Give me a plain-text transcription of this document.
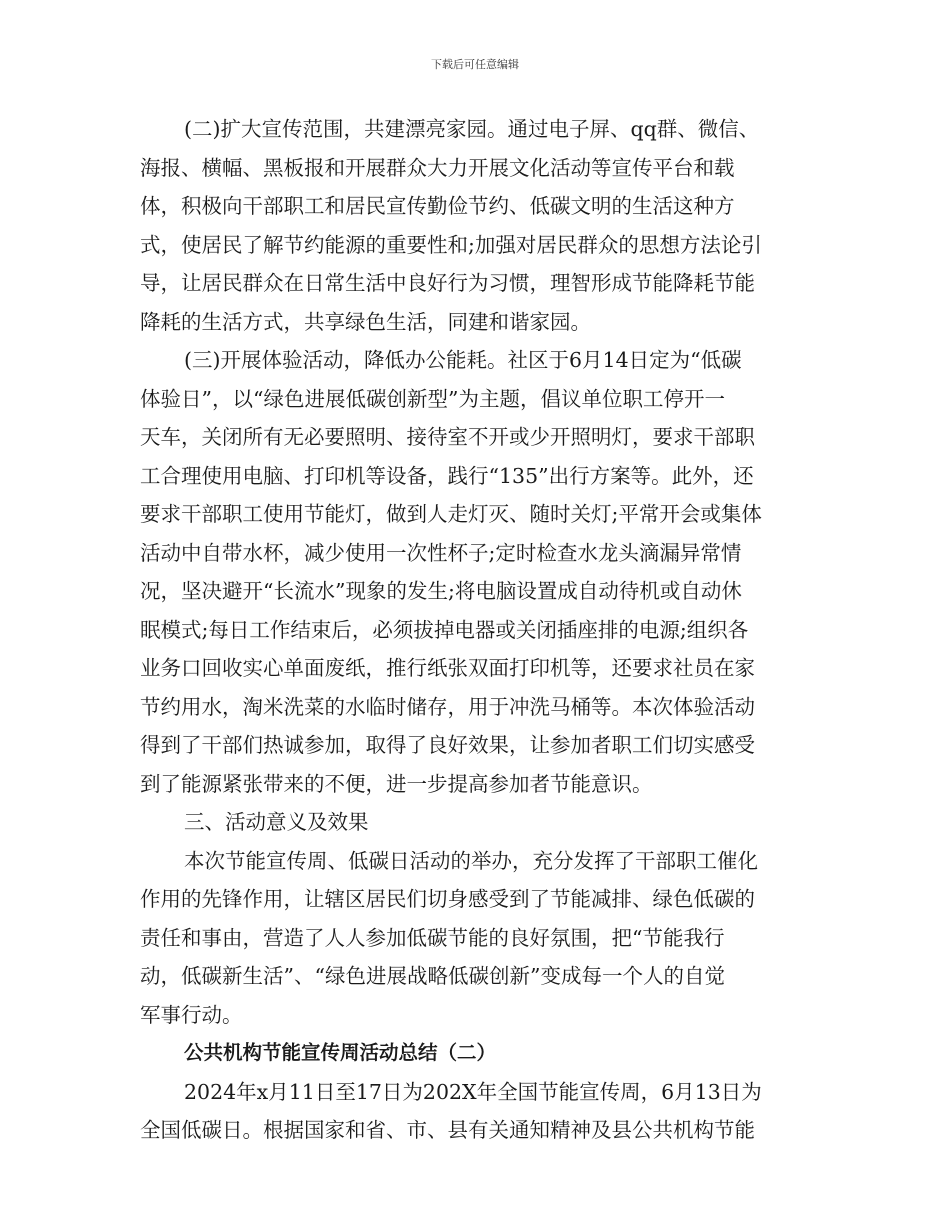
下载后可任意编辑
(二)扩大宣传范围，共建漂亮家园。通过电子屏、qq群、微信、
海报、横幅、黑板报和开展群众大力开展文化活动等宣传平台和载
体，积极向干部职工和居民宣传勤俭节约、低碳文明的生活这种方
式，使居民了解节约能源的重要性和;加强对居民群众的思想方法论引
导，让居民群众在日常生活中良好行为习惯，理智形成节能降耗节能
降耗的生活方式，共享绿色生活，同建和谐家园。
(三)开展体验活动，降低办公能耗。社区于6月14日定为“低碳
体验日”，以“绿色进展低碳创新型”为主题，倡议单位职工停开一
天车，关闭所有无必要照明、接待室不开或少开照明灯，要求干部职
工合理使用电脑、打印机等设备，践行“135”出行方案等。此外，还
要求干部职工使用节能灯，做到人走灯灭、随时关灯;平常开会或集体
活动中自带水杯，减少使用一次性杯子;定时检查水龙头滴漏异常情
况，坚决避开“长流水”现象的发生;将电脑设置成自动待机或自动休
眠模式;每日工作结束后，必须拔掉电器或关闭插座排的电源;组织各
业务口回收实心单面废纸，推行纸张双面打印机等，还要求社员在家
节约用水，淘米洗菜的水临时储存，用于冲洗马桶等。本次体验活动
得到了干部们热诚参加，取得了良好效果，让参加者职工们切实感受
到了能源紧张带来的不便，进一步提高参加者节能意识。
三、活动意义及效果
本次节能宣传周、低碳日活动的举办，充分发挥了干部职工催化
作用的先锋作用，让辖区居民们切身感受到了节能减排、绿色低碳的
责任和事由，营造了人人参加低碳节能的良好氛围，把“节能我行
动，低碳新生活”、“绿色进展战略低碳创新”变成每一个人的自觉
军事行动。
公共机构节能宣传周活动总结（二）
2024年x月11日至17日为202X年全国节能宣传周，6月13日为
全国低碳日。根据国家和省、市、县有关通知精神及县公共机构节能
